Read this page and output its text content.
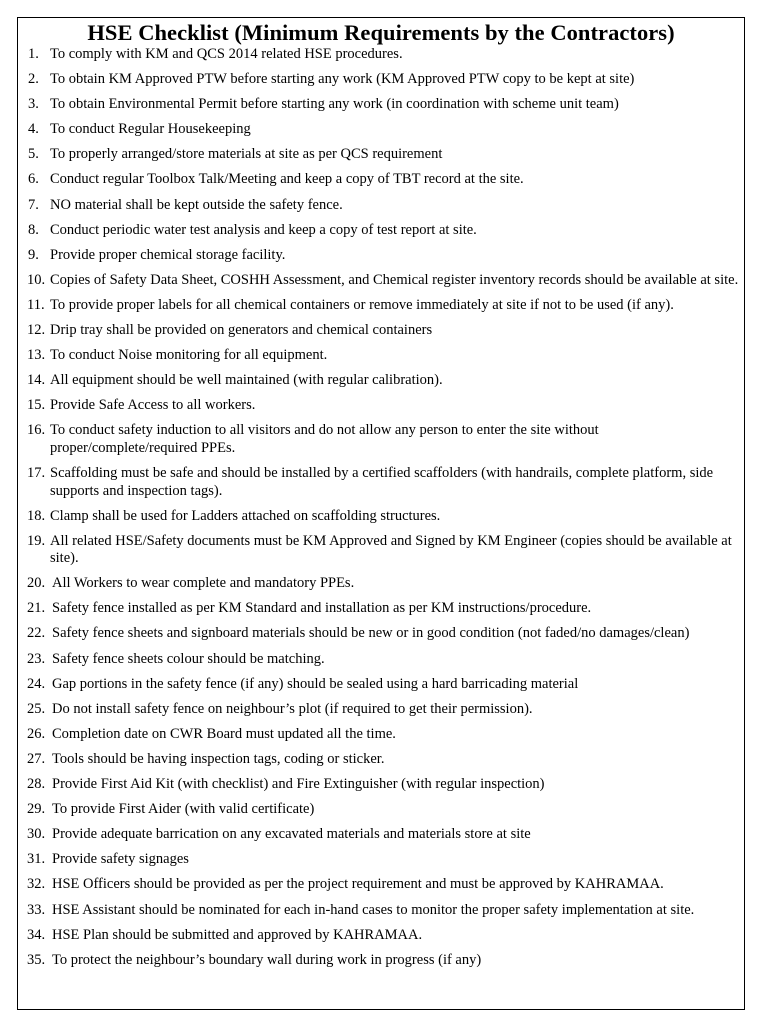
HSE Checklist (Minimum Requirements by the Contractors)
1. To comply with KM and QCS 2014 related HSE procedures.
2. To obtain KM Approved PTW before starting any work (KM Approved PTW copy to be kept at site)
3. To obtain Environmental Permit before starting any work (in coordination with scheme unit team)
4. To conduct Regular Housekeeping
5. To properly arranged/store materials at site as per QCS requirement
6. Conduct regular Toolbox Talk/Meeting and keep a copy of TBT record at the site.
7. NO material shall be kept outside the safety fence.
8. Conduct periodic water test analysis and keep a copy of test report at site.
9. Provide proper chemical storage facility.
10. Copies of Safety Data Sheet, COSHH Assessment, and Chemical register inventory records should be available at site.
11. To provide proper labels for all chemical containers or remove immediately at site if not to be used (if any).
12. Drip tray shall be provided on generators and chemical containers
13. To conduct Noise monitoring for all equipment.
14. All equipment should be well maintained (with regular calibration).
15. Provide Safe Access to all workers.
16. To conduct safety induction to all visitors and do not allow any person to enter the site without proper/complete/required PPEs.
17. Scaffolding must be safe and should be installed by a certified scaffolders (with handrails, complete platform, side supports and inspection tags).
18. Clamp shall be used for Ladders attached on scaffolding structures.
19. All related HSE/Safety documents must be KM Approved and Signed by KM Engineer (copies should be available at site).
20. All Workers to wear complete and mandatory PPEs.
21. Safety fence installed as per KM Standard and installation as per KM instructions/procedure.
22. Safety fence sheets and signboard materials should be new or in good condition (not faded/no damages/clean)
23. Safety fence sheets colour should be matching.
24. Gap portions in the safety fence (if any) should be sealed using a hard barricading material
25. Do not install safety fence on neighbour’s plot (if required to get their permission).
26. Completion date on CWR Board must updated all the time.
27. Tools should be having inspection tags, coding or sticker.
28. Provide First Aid Kit (with checklist) and Fire Extinguisher (with regular inspection)
29. To provide First Aider (with valid certificate)
30. Provide adequate barrication on any excavated materials and materials store at site
31. Provide safety signages
32. HSE Officers should be provided as per the project requirement and must be approved by KAHRAMAA.
33. HSE Assistant should be nominated for each in-hand cases to monitor the proper safety implementation at site.
34. HSE Plan should be submitted and approved by KAHRAMAA.
35. To protect the neighbour’s boundary wall during work in progress (if any)
